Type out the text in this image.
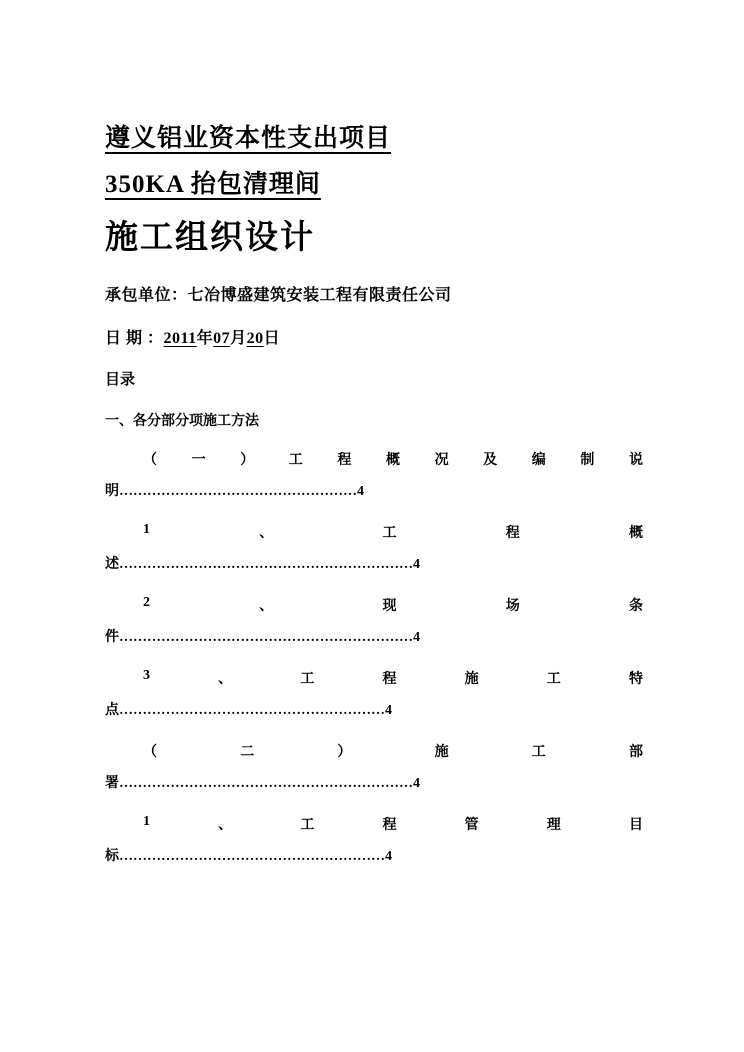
遵义铝业资本性支出项目
350KA 抬包清理间
施工组织设计
承包单位：七冶博盛建筑安装工程有限责任公司
日 期 ：2011年07月20日
目录
一、各分部分项施工方法
（ 一 ） 工 程 概 况 及 编 制 说
明……………………………………………4
1	、	工	程	概
述………………………………………………………4
2	、	现	场	条
件………………………………………………………4
3	、	工	程	施	工	特
点…………………………………………………4
（	二	）	施	工	部
署………………………………………………………4
1	、	工	程	管	理	目
标…………………………………………………4
